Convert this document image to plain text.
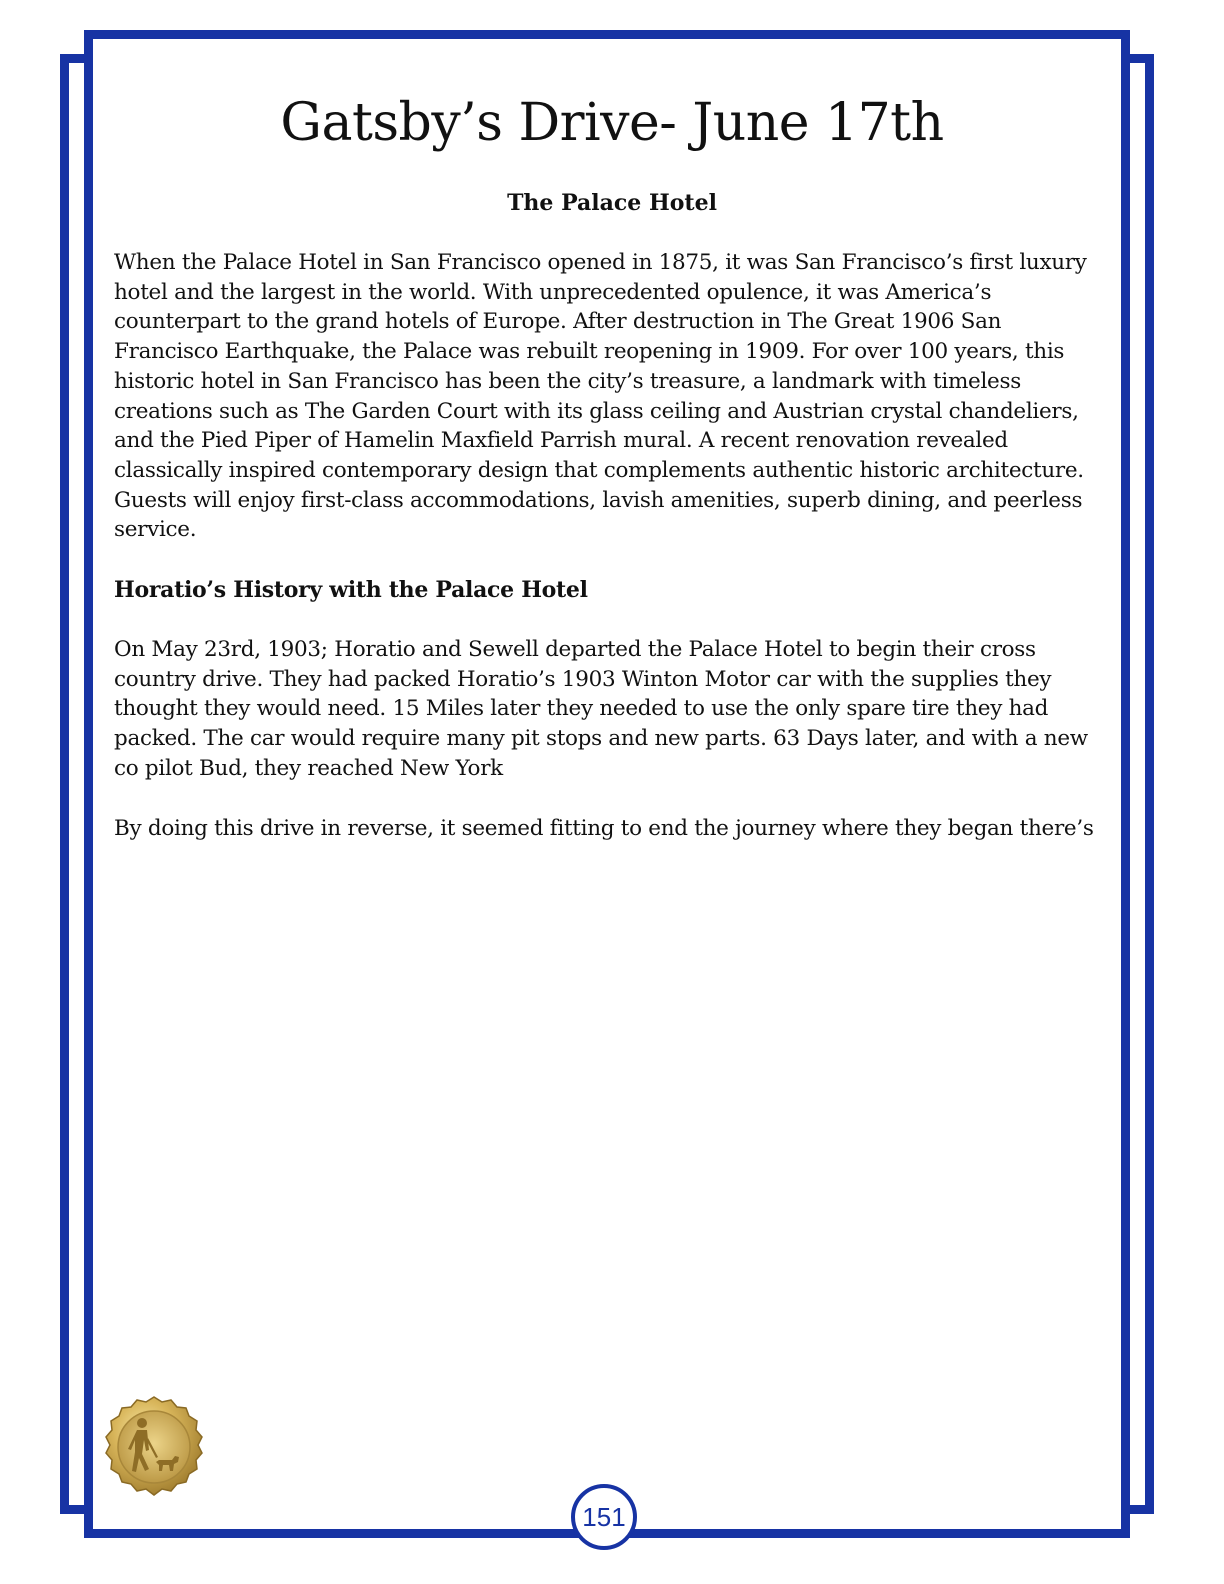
Gatsby’s Drive- June 17th
The Palace Hotel

When the Palace Hotel in San Francisco opened in 1875, it was San Francisco’s first luxury hotel and the largest in the world. With unprecedented opulence, it was America’s counterpart to the grand hotels of Europe. After destruction in The Great 1906 San Francisco Earthquake, the Palace was rebuilt reopening in 1909. For over 100 years, this historic hotel in San Francisco has been the city’s treasure, a landmark with timeless creations such as The Garden Court with its glass ceiling and Austrian crystal chandeliers, and the Pied Piper of Hamelin Maxfield Parrish mural. A recent renovation revealed classically inspired contemporary design that complements authentic historic architecture. Guests will enjoy first-class accommodations, lavish amenities, superb dining, and peerless service.

Horatio’s History with the Palace Hotel

On May 23rd, 1903; Horatio and Sewell departed the Palace Hotel to begin their cross country drive. They had packed Horatio’s 1903 Winton Motor car with the supplies they thought they would need. 15 Miles later they needed to use the only spare tire they had packed. The car would require many pit stops and new parts. 63 Days later, and with a new co pilot Bud, they reached New York

By doing this drive in reverse, it seemed fitting to end the journey where they began there’s

151
